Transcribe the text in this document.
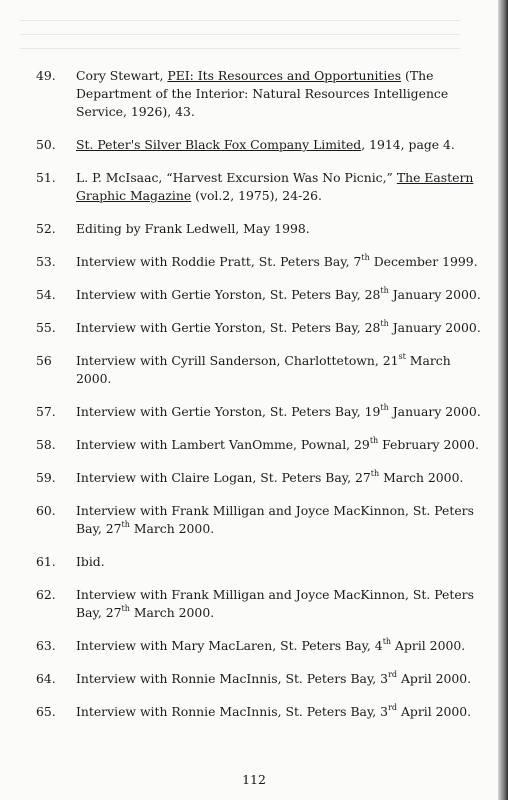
49.	Cory Stewart, PEI: Its Resources and Opportunities (The Department of the Interior: Natural Resources Intelligence Service, 1926), 43.
50.	St. Peter's Silver Black Fox Company Limited, 1914, page 4.
51.	L. P. McIsaac, “Harvest Excursion Was No Picnic,” The Eastern Graphic Magazine (vol.2, 1975), 24-26.
52.	Editing by Frank Ledwell, May 1998.
53.	Interview with Roddie Pratt, St. Peters Bay, 7th December 1999.
54.	Interview with Gertie Yorston, St. Peters Bay, 28th January 2000.
55.	Interview with Gertie Yorston, St. Peters Bay, 28th January 2000.
56	Interview with Cyrill Sanderson, Charlottetown, 21st March 2000.
57.	Interview with Gertie Yorston, St. Peters Bay, 19th January 2000.
58.	Interview with Lambert VanOmme, Pownal, 29th February 2000.
59.	Interview with Claire Logan, St. Peters Bay, 27th March 2000.
60.	Interview with Frank Milligan and Joyce MacKinnon, St. Peters Bay, 27th March 2000.
61.	Ibid.
62.	Interview with Frank Milligan and Joyce MacKinnon, St. Peters Bay, 27th March 2000.
63.	Interview with Mary MacLaren, St. Peters Bay, 4th April 2000.
64.	Interview with Ronnie MacInnis, St. Peters Bay, 3rd April 2000.
65.	Interview with Ronnie MacInnis, St. Peters Bay, 3rd April 2000.
112
